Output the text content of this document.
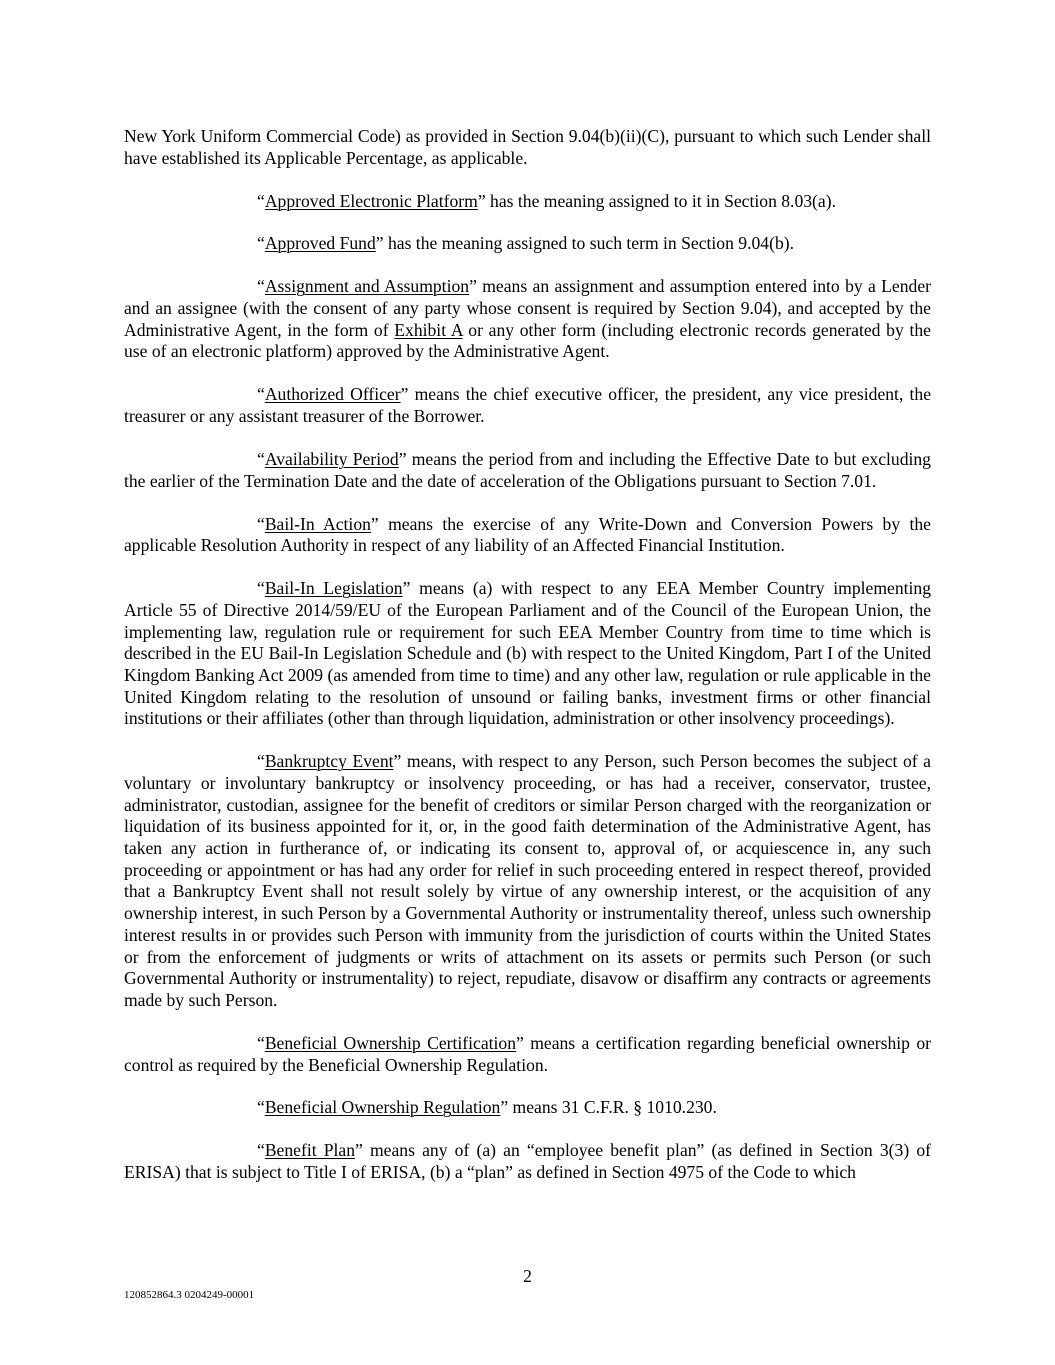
New York Uniform Commercial Code) as provided in Section 9.04(b)(ii)(C), pursuant to which such Lender shall have established its Applicable Percentage, as applicable.

“Approved Electronic Platform” has the meaning assigned to it in Section 8.03(a).

“Approved Fund” has the meaning assigned to such term in Section 9.04(b).

“Assignment and Assumption” means an assignment and assumption entered into by a Lender and an assignee (with the consent of any party whose consent is required by Section 9.04), and accepted by the Administrative Agent, in the form of Exhibit A or any other form (including electronic records generated by the use of an electronic platform) approved by the Administrative Agent.

“Authorized Officer” means the chief executive officer, the president, any vice president, the treasurer or any assistant treasurer of the Borrower.

“Availability Period” means the period from and including the Effective Date to but excluding the earlier of the Termination Date and the date of acceleration of the Obligations pursuant to Section 7.01.

“Bail-In Action” means the exercise of any Write-Down and Conversion Powers by the applicable Resolution Authority in respect of any liability of an Affected Financial Institution.

“Bail-In Legislation” means (a) with respect to any EEA Member Country implementing Article 55 of Directive 2014/59/EU of the European Parliament and of the Council of the European Union, the implementing law, regulation rule or requirement for such EEA Member Country from time to time which is described in the EU Bail-In Legislation Schedule and (b) with respect to the United Kingdom, Part I of the United Kingdom Banking Act 2009 (as amended from time to time) and any other law, regulation or rule applicable in the United Kingdom relating to the resolution of unsound or failing banks, investment firms or other financial institutions or their affiliates (other than through liquidation, administration or other insolvency proceedings).

“Bankruptcy Event” means, with respect to any Person, such Person becomes the subject of a voluntary or involuntary bankruptcy or insolvency proceeding, or has had a receiver, conservator, trustee, administrator, custodian, assignee for the benefit of creditors or similar Person charged with the reorganization or liquidation of its business appointed for it, or, in the good faith determination of the Administrative Agent, has taken any action in furtherance of, or indicating its consent to, approval of, or acquiescence in, any such proceeding or appointment or has had any order for relief in such proceeding entered in respect thereof, provided that a Bankruptcy Event shall not result solely by virtue of any ownership interest, or the acquisition of any ownership interest, in such Person by a Governmental Authority or instrumentality thereof, unless such ownership interest results in or provides such Person with immunity from the jurisdiction of courts within the United States or from the enforcement of judgments or writs of attachment on its assets or permits such Person (or such Governmental Authority or instrumentality) to reject, repudiate, disavow or disaffirm any contracts or agreements made by such Person.

“Beneficial Ownership Certification” means a certification regarding beneficial ownership or control as required by the Beneficial Ownership Regulation.

“Beneficial Ownership Regulation” means 31 C.F.R. § 1010.230.

“Benefit Plan” means any of (a) an “employee benefit plan” (as defined in Section 3(3) of ERISA) that is subject to Title I of ERISA, (b) a “plan” as defined in Section 4975 of the Code to which

2
120852864.3 0204249-00001
